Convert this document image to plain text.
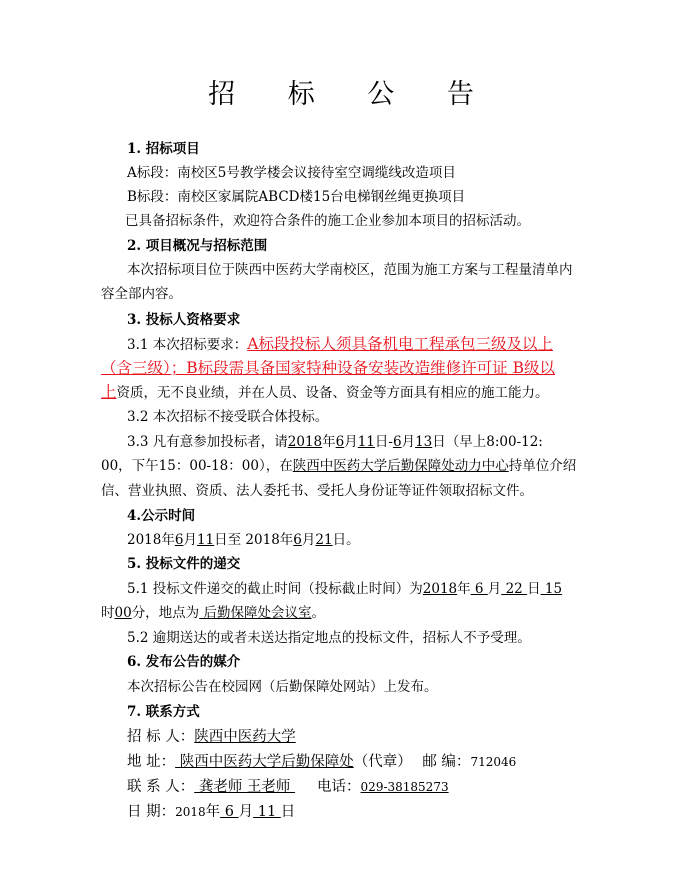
招 标 公 告
1. 招标项目
A标段：南校区5号教学楼会议接待室空调缆线改造项目
B标段：南校区家属院ABCD楼15台电梯钢丝绳更换项目
已具备招标条件，欢迎符合条件的施工企业参加本项目的招标活动。
2. 项目概况与招标范围
本次招标项目位于陕西中医药大学南校区，范围为施工方案与工程量清单内
容全部内容。
3. 投标人资格要求
3.1 本次招标要求：A标段投标人须具备机电工程承包三级及以上
（含三级）；B标段需具备国家特种设备安装改造维修许可证 B级以
上资质，无不良业绩，并在人员、设备、资金等方面具有相应的施工能力。
3.2 本次招标不接受联合体投标。
3.3 凡有意参加投标者，请2018年6月11日-6月13日（早上8:00-12:
00，下午15：00-18：00），在陕西中医药大学后勤保障处动力中心持单位介绍
信、营业执照、资质、法人委托书、受托人身份证等证件领取招标文件。
4.公示时间
2018年6月11日至 2018年6月21日。
5. 投标文件的递交
5.1 投标文件递交的截止时间（投标截止时间）为2018年 6 月 22 日 15
时00分，地点为 后勤保障处会议室。
5.2 逾期送达的或者未送达指定地点的投标文件，招标人不予受理。
6. 发布公告的媒介
本次招标公告在校园网（后勤保障处网站）上发布。
7. 联系方式
招 标 人：陕西中医药大学
地 址： 陕西中医药大学后勤保障处（代章） 邮 编：712046
联 系 人： 龚老师 王老师 电话：029-38185273
日 期：2018年 6 月 11 日
